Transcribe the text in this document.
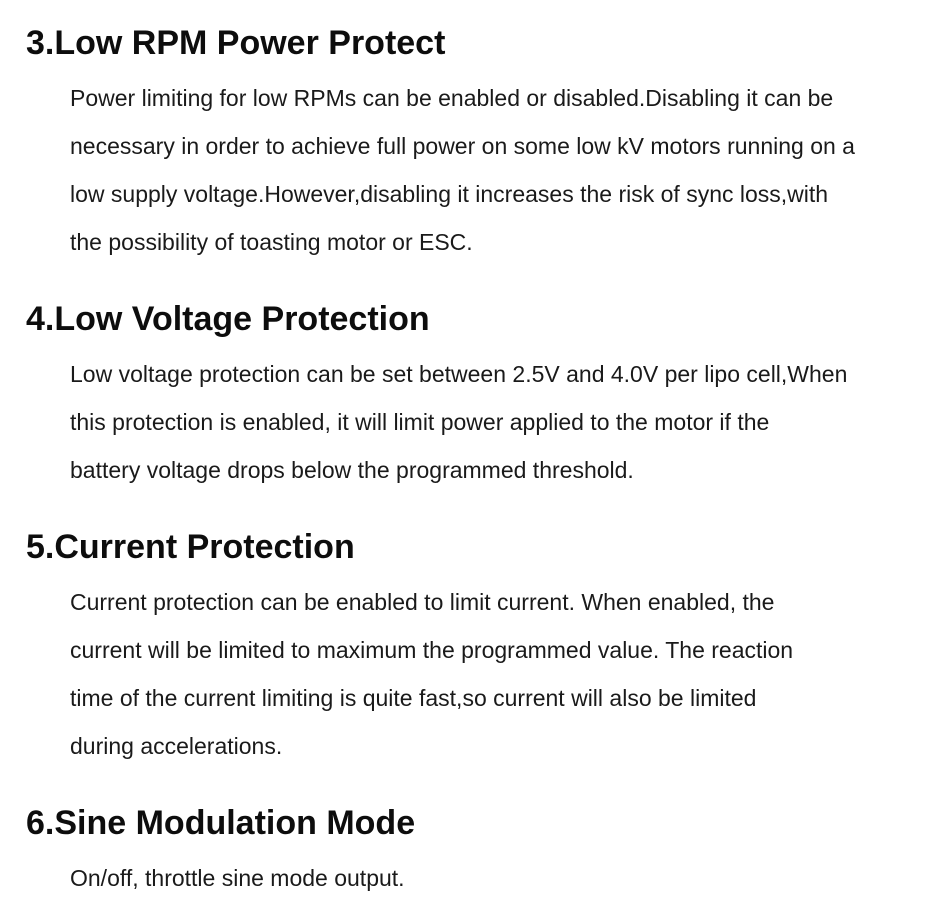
3.Low RPM Power Protect
Power limiting for low RPMs can be enabled or disabled.Disabling it can be
necessary in order to achieve full power on some low kV motors running on a
low supply voltage.However,disabling it increases the risk of sync loss,with
the possibility of toasting motor or ESC.
4.Low Voltage Protection
Low voltage protection can be set between 2.5V and 4.0V per lipo cell,When
this protection is enabled, it will limit power applied to the motor if the
battery voltage drops below the programmed threshold.
5.Current Protection
Current protection can be enabled to limit current. When enabled, the
current will be limited to maximum the programmed value. The reaction
time of the current limiting is quite fast,so current will also be limited
during accelerations.
6.Sine Modulation Mode
On/off, throttle sine mode output.
